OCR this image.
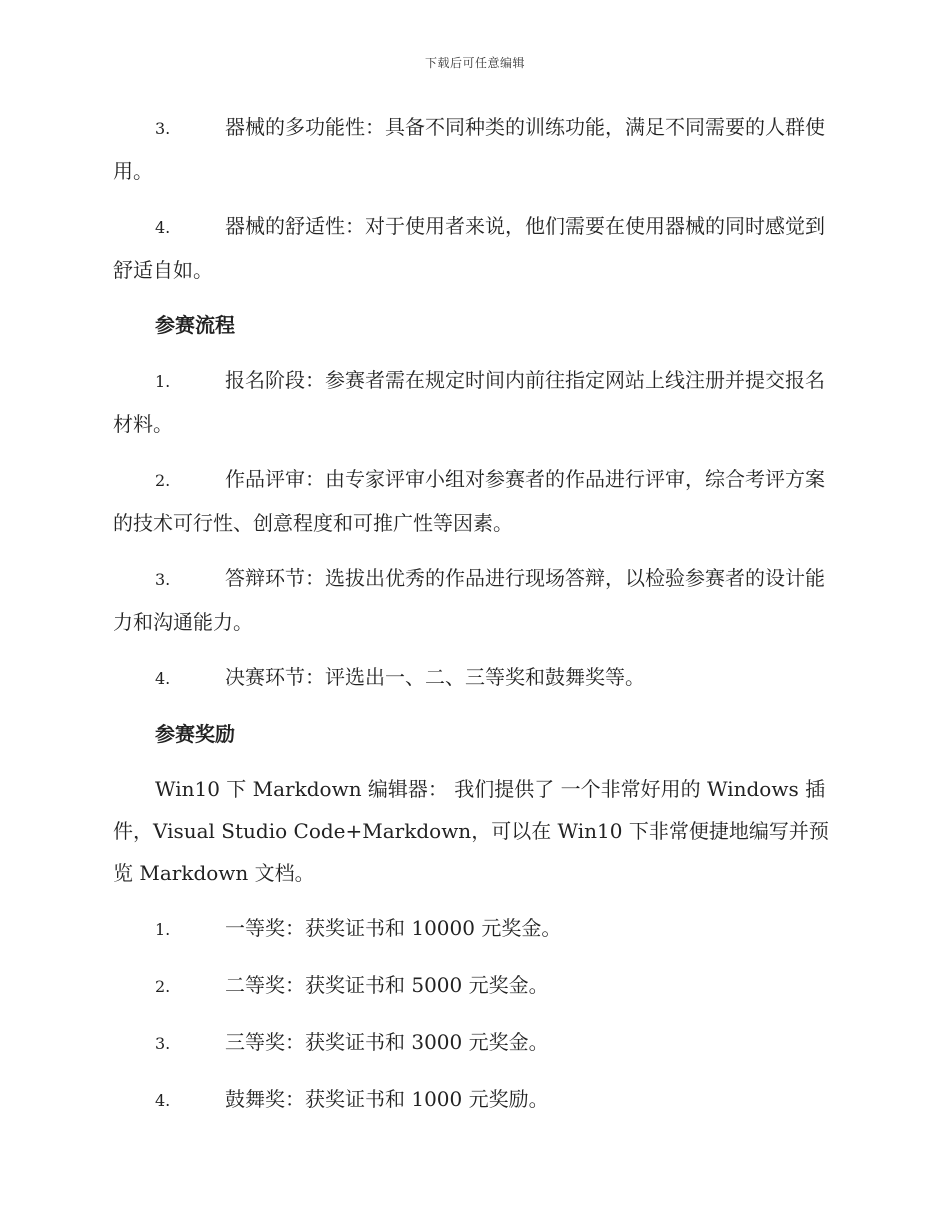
下载后可任意编辑
3.	器械的多功能性：具备不同种类的训练功能，满足不同需要的人群使用。
4.	器械的舒适性：对于使用者来说，他们需要在使用器械的同时感觉到舒适自如。
参赛流程
1.	报名阶段：参赛者需在规定时间内前往指定网站上线注册并提交报名材料。
2.	作品评审：由专家评审小组对参赛者的作品进行评审，综合考评方案的技术可行性、创意程度和可推广性等因素。
3.	答辩环节：选拔出优秀的作品进行现场答辩，以检验参赛者的设计能力和沟通能力。
4.	决赛环节：评选出一、二、三等奖和鼓舞奖等。
参赛奖励
Win10 下 Markdown 编辑器： 我们提供了 一个非常好用的 Windows 插件，Visual Studio Code+Markdown，可以在 Win10 下非常便捷地编写并预览 Markdown 文档。
1.	一等奖：获奖证书和 10000 元奖金。
2.	二等奖：获奖证书和 5000 元奖金。
3.	三等奖：获奖证书和 3000 元奖金。
4.	鼓舞奖：获奖证书和 1000 元奖励。
